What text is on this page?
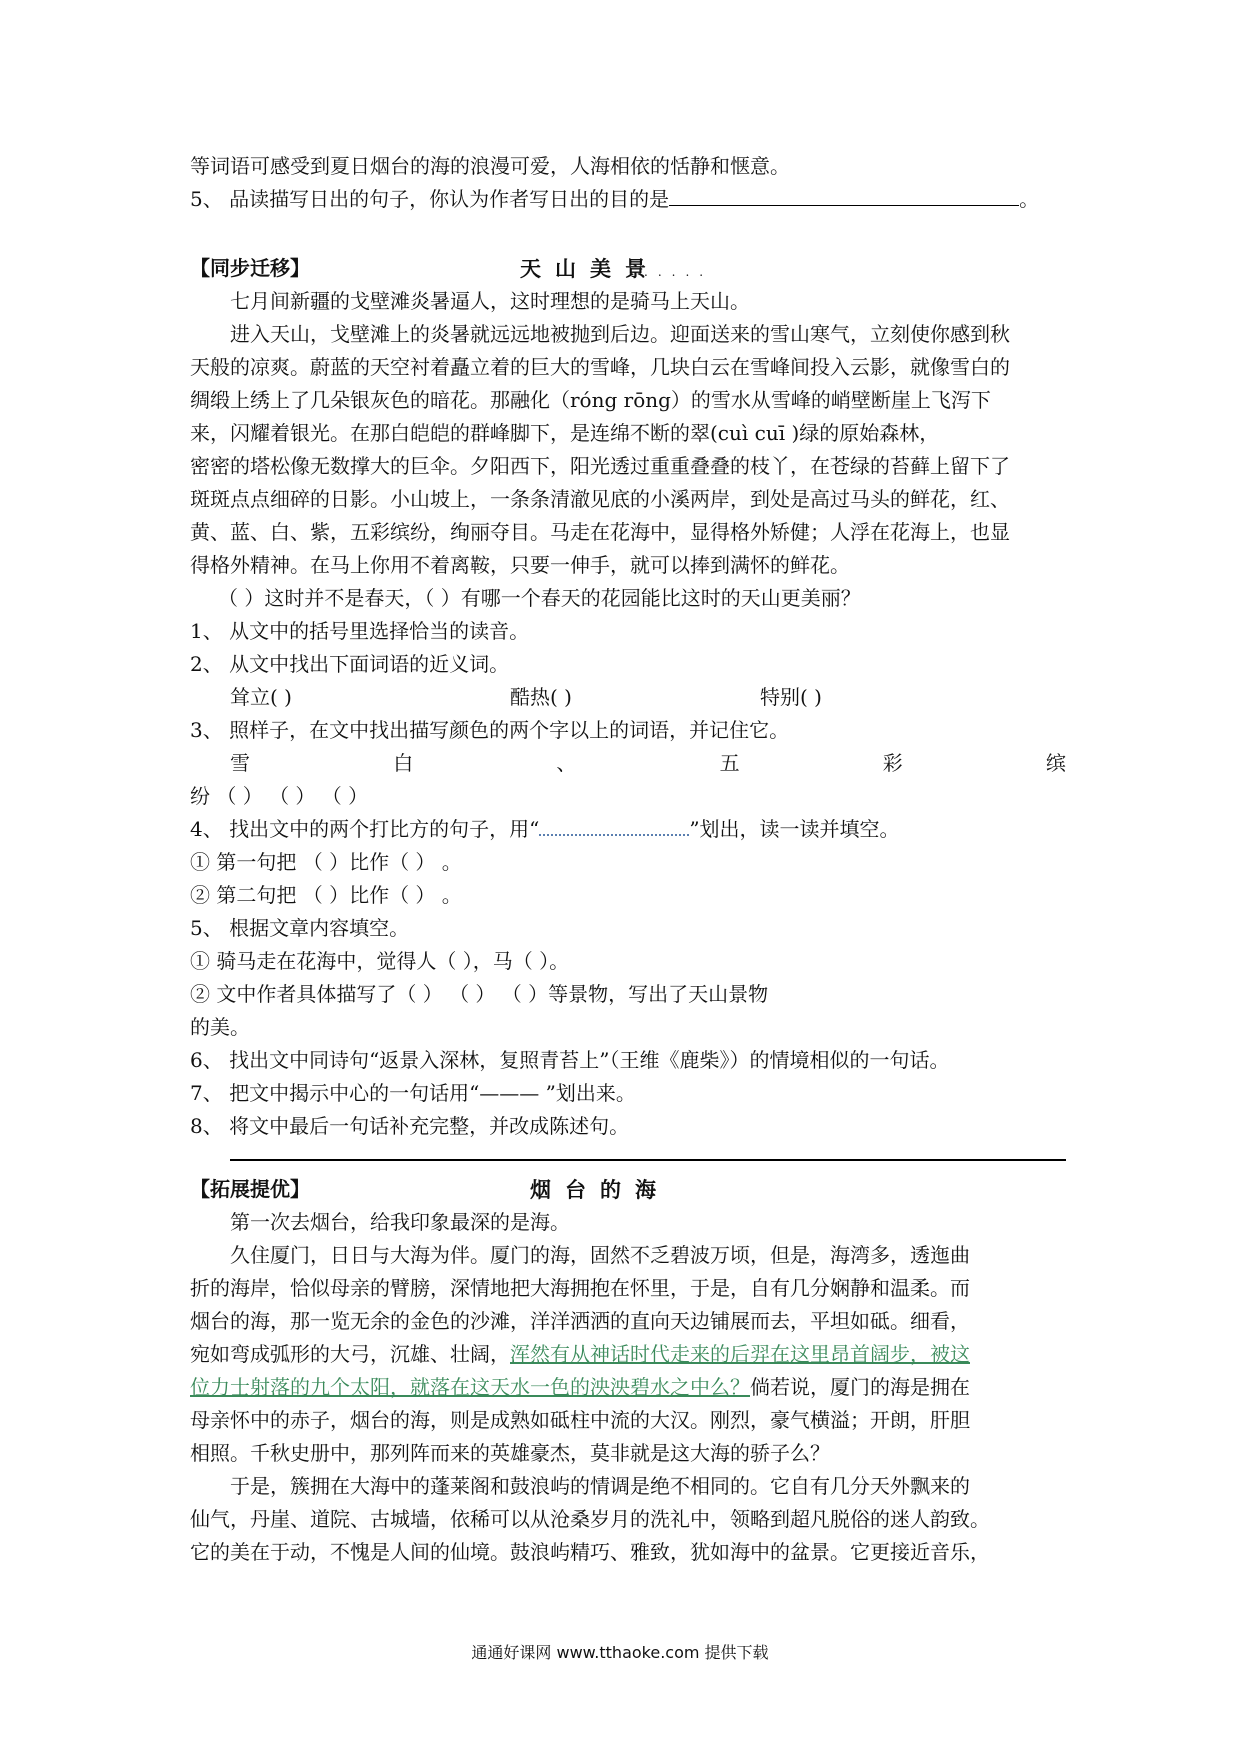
等词语可感受到夏日烟台的海的浪漫可爱，人海相依的恬静和惬意。
5、 品读描写日出的句子，你认为作者写日出的目的是	。
【同步迁移】	天山美景
.....
七月间新疆的戈壁滩炎暑逼人，这时理想的是骑马上天山。
进入天山，戈壁滩上的炎暑就远远地被抛到后边。迎面送来的雪山寒气，立刻使你感到秋
天般的凉爽。蔚蓝的天空衬着矗立着的巨大的雪峰，几块白云在雪峰间投入云影，就像雪白的
绸缎上绣上了几朵银灰色的暗花。那融化（róng rōng）的雪水从雪峰的峭壁断崖上飞泻下
来，闪耀着银光。在那白皑皑的群峰脚下，是连绵不断的翠(cuì cuī )绿的原始森林，
密密的塔松像无数撑大的巨伞。夕阳西下，阳光透过重重叠叠的枝丫，在苍绿的苔藓上留下了
斑斑点点细碎的日影。小山坡上，一条条清澈见底的小溪两岸，到处是高过马头的鲜花，红、
黄、蓝、白、紫，五彩缤纷，绚丽夺目。马走在花海中，显得格外矫健；人浮在花海上，也显
得格外精神。在马上你用不着离鞍，只要一伸手，就可以捧到满怀的鲜花。
（ ）这时并不是春天，（ ）有哪一个春天的花园能比这时的天山更美丽？
1、 从文中的括号里选择恰当的读音。
2、 从文中找出下面词语的近义词。
耸立( )	酷热( )	特别( )
3、 照样子，在文中找出描写颜色的两个字以上的词语，并记住它。
雪	白	、	五	彩	缤
纷 （ ） （ ） （ ）
4、 找出文中的两个打比方的句子，用“	”划出，读一读并填空。
① 第一句把 （ ）比作（ ） 。
② 第二句把 （ ）比作（ ） 。
5、 根据文章内容填空。
① 骑马走在花海中，觉得人（ ），马（ ）。
② 文中作者具体描写了（ ） （ ） （ ）等景物，写出了天山景物
的美。
6、 找出文中同诗句“返景入深林，复照青苔上”（王维《鹿柴》）的情境相似的一句话。
7、 把文中揭示中心的一句话用“——— ”划出来。
8、 将文中最后一句话补充完整，并改成陈述句。
【拓展提优】	烟台的海
第一次去烟台，给我印象最深的是海。
久住厦门，日日与大海为伴。厦门的海，固然不乏碧波万顷，但是，海湾多，透迤曲
折的海岸，恰似母亲的臂膀，深情地把大海拥抱在怀里，于是，自有几分娴静和温柔。而
烟台的海，那一览无余的金色的沙滩，洋洋洒洒的直向天边铺展而去，平坦如砥。细看，
宛如弯成弧形的大弓，沉雄、壮阔，浑然有从神话时代走来的后羿在这里昂首阔步，被这
位力士射落的九个太阳，就落在这天水一色的泱泱碧水之中么？倘若说，厦门的海是拥在
母亲怀中的赤子，烟台的海，则是成熟如砥柱中流的大汉。刚烈，豪气横溢；开朗，肝胆
相照。千秋史册中，那列阵而来的英雄豪杰，莫非就是这大海的骄子么？
于是，簇拥在大海中的蓬莱阁和鼓浪屿的情调是绝不相同的。它自有几分天外飘来的
仙气，丹崖、道院、古城墙，依稀可以从沧桑岁月的洗礼中，领略到超凡脱俗的迷人韵致。
它的美在于动，不愧是人间的仙境。鼓浪屿精巧、雅致，犹如海中的盆景。它更接近音乐，
通通好课网 www.tthaoke.com 提供下载
